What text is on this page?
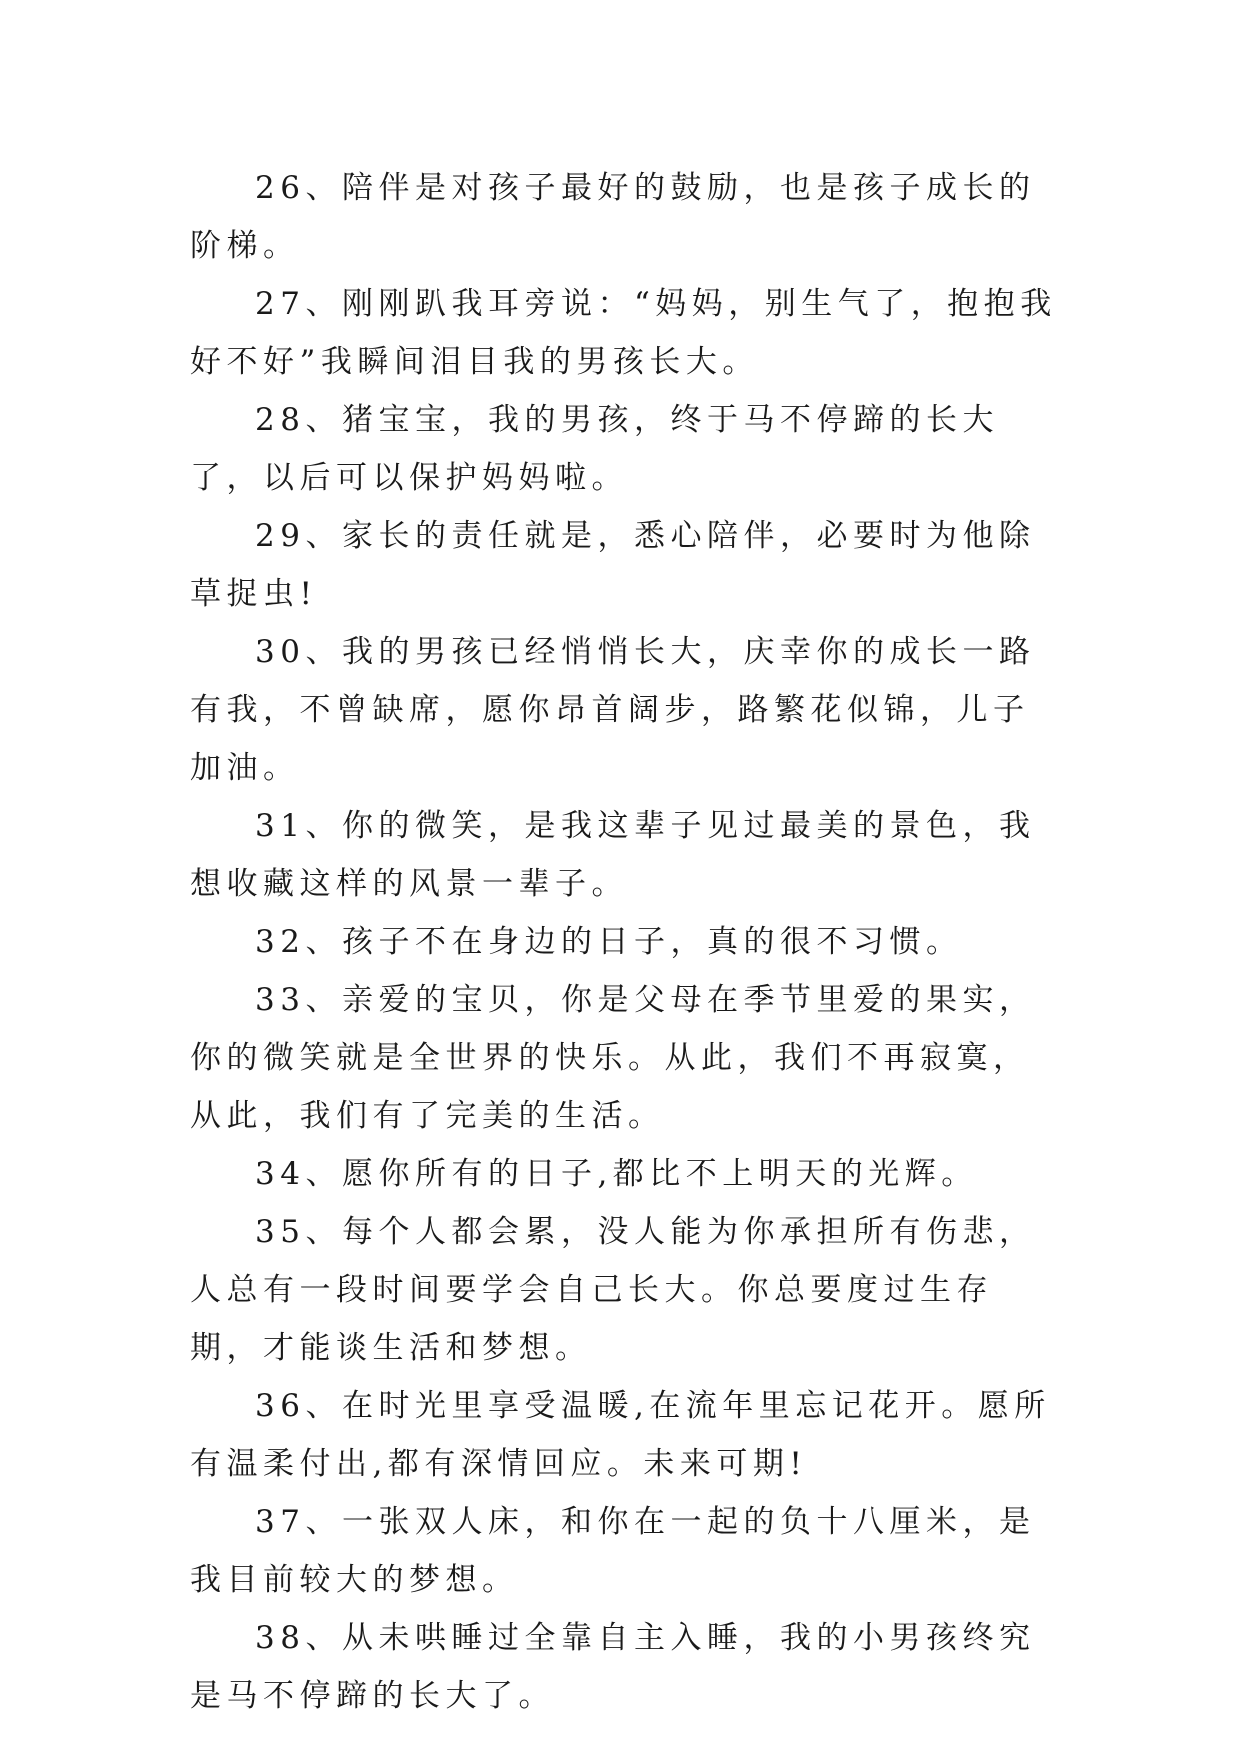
26、陪伴是对孩子最好的鼓励，也是孩子成长的阶梯。

27、刚刚趴我耳旁说：“妈妈，别生气了，抱抱我好不好”我瞬间泪目我的男孩长大。

28、猪宝宝，我的男孩，终于马不停蹄的长大了，以后可以保护妈妈啦。

29、家长的责任就是，悉心陪伴，必要时为他除草捉虫!

30、我的男孩已经悄悄长大，庆幸你的成长一路有我，不曾缺席，愿你昂首阔步，路繁花似锦，儿子加油。

31、你的微笑，是我这辈子见过最美的景色，我想收藏这样的风景一辈子。

32、孩子不在身边的日子，真的很不习惯。

33、亲爱的宝贝，你是父母在季节里爱的果实，你的微笑就是全世界的快乐。从此，我们不再寂寞，从此，我们有了完美的生活。

34、愿你所有的日子,都比不上明天的光辉。

35、每个人都会累，没人能为你承担所有伤悲，人总有一段时间要学会自己长大。你总要度过生存期，才能谈生活和梦想。

36、在时光里享受温暖,在流年里忘记花开。愿所有温柔付出,都有深情回应。未来可期!

37、一张双人床，和你在一起的负十八厘米，是我目前较大的梦想。

38、从未哄睡过全靠自主入睡，我的小男孩终究是马不停蹄的长大了。
